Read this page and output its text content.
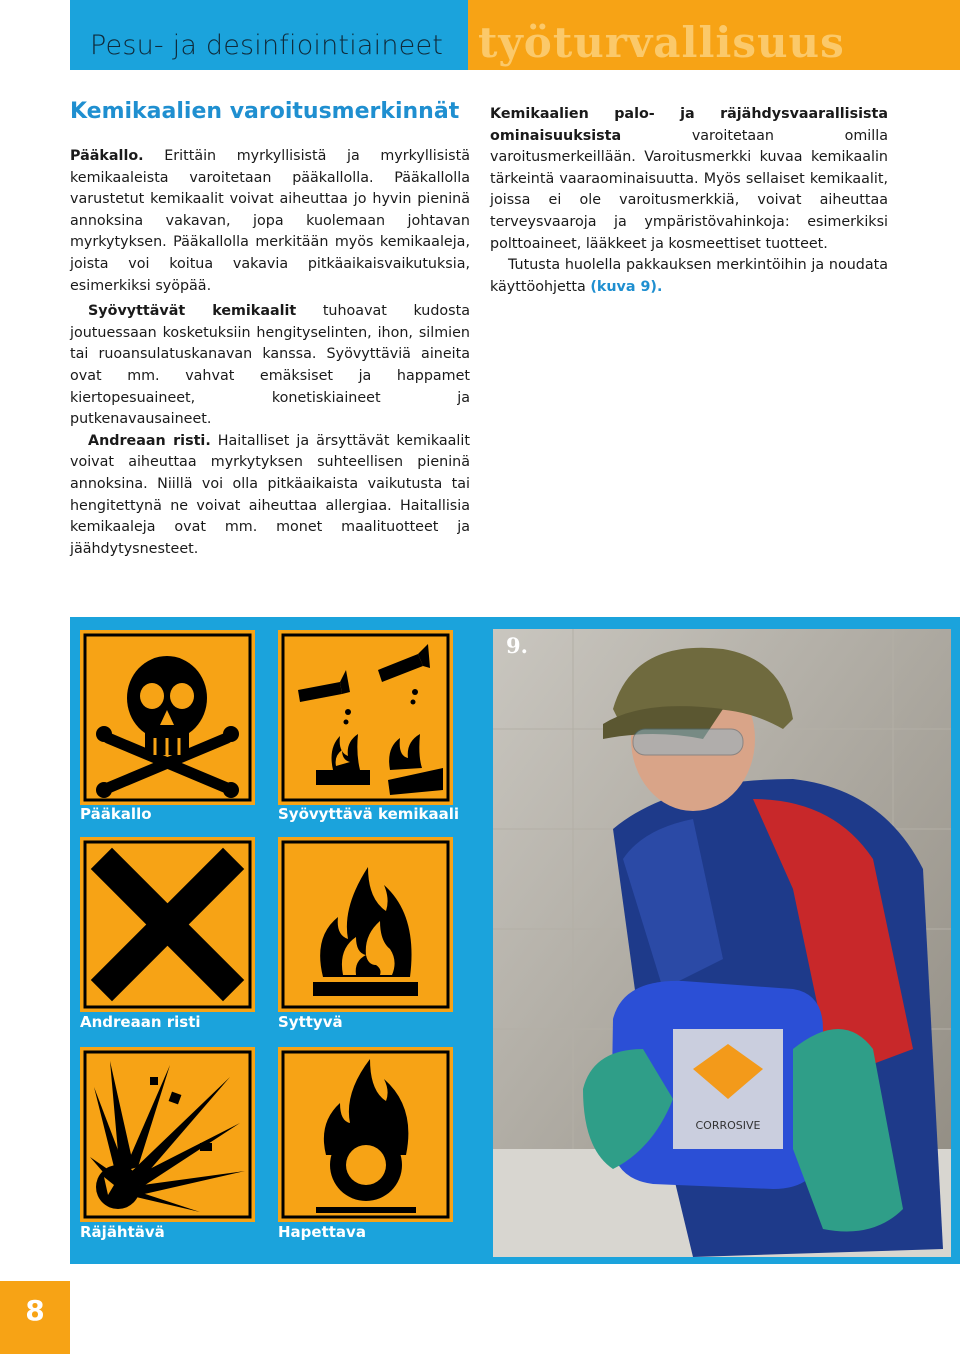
Pesu- ja desinfiointiaineet työturvallisuus

Kemikaalien varoitusmerkinnät

Pääkallo. Erittäin myrkyllisistä ja myrkyllisistä kemikaaleista varoitetaan pääkallolla. Pääkallolla varustetut kemikaalit voivat aiheuttaa jo hyvin pieninä annoksina vakavan, jopa kuolemaan johtavan myrkytyksen. Pääkallolla merkitään myös kemikaaleja, joista voi koitua vakavia pitkäaikaisvaikutuksia, esimerkiksi syöpää.

Syövyttävät kemikaalit tuhoavat kudosta joutuessaan kosketuksiin hengityselinten, ihon, silmien tai ruoansulatuskanavan kanssa. Syövyttäviä aineita ovat mm. vahvat emäksiset ja happamet kiertopesuaineet, konetiskiaineet ja putkenavausaineet.

Andreaan risti. Haitalliset ja ärsyttävät kemikaalit voivat aiheuttaa myrkytyksen suhteellisen pieninä annoksina. Niillä voi olla pitkäaikaista vaikutusta tai hengitettynä ne voivat aiheuttaa allergiaa. Haitallisia kemikaaleja ovat mm. monet maalituotteet ja jäähdytysnesteet.

Kemikaalien palo- ja räjähdysvaarallisista ominaisuuksista varoitetaan omilla varoitusmerkeillään. Varoitusmerkki kuvaa kemikaalin tärkeintä vaaraominaisuutta. Myös sellaiset kemikaalit, joissa ei ole varoitusmerkkiä, voivat aiheuttaa terveysvaaroja ja ympäristövahinkoja: esimerkiksi polttoaineet, lääkkeet ja kosmeettiset tuotteet.

Tutusta huolella pakkauksen merkintöihin ja noudata käyttöohjetta (kuva 9).

Pääkallo	Syövyttävä kemikaali
Andreaan risti	Syttyvä
Räjähtävä	Hapettava
CORROSIVE
9.
8
